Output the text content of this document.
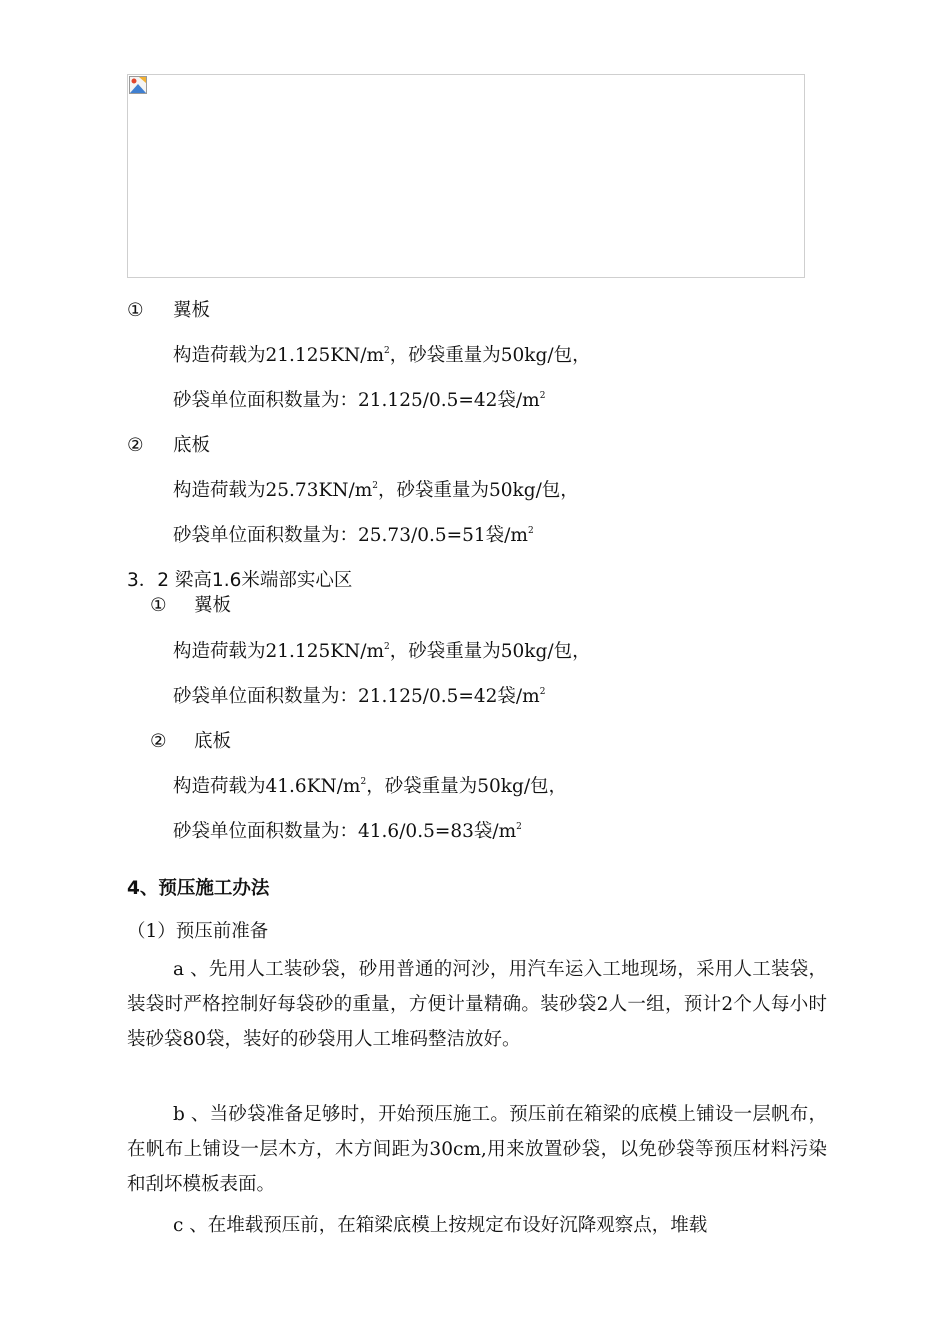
① 翼板
构造荷载为$21.125KN/m^2$，砂袋重量为50kg/包，
砂袋单位面积数量为：21.125/0.5=42袋$/m^2$
② 底板
构造荷载为$25.73KN/m^2$，砂袋重量为50kg/包，
砂袋单位面积数量为：25.73/0.5=51袋$/m^2$
3．2 梁高1.6米端部实心区
① 翼板
构造荷载为$21.125KN/m^2$，砂袋重量为50kg/包，
砂袋单位面积数量为：21.125/0.5=42袋$/m^2$
② 底板
构造荷载为$41.6KN/m^2$，砂袋重量为50kg/包，
砂袋单位面积数量为：41.6/0.5=83袋$/m^2$
4、预压施工办法
（1）预压前准备
a 、先用人工装砂袋，砂用普通的河沙，用汽车运入工地现场，采用人工装袋，装袋时严格控制好每袋砂的重量，方便计量精确。装砂袋2人一组，预计2个人每小时装砂袋80袋，装好的砂袋用人工堆码整洁放好。
b 、当砂袋准备足够时，开始预压施工。预压前在箱梁的底模上铺设一层帆布，在帆布上铺设一层木方，木方间距为30cm,用来放置砂袋，以免砂袋等预压材料污染和刮坏模板表面。
c 、在堆载预压前，在箱梁底模上按规定布设好沉降观察点，堆载
